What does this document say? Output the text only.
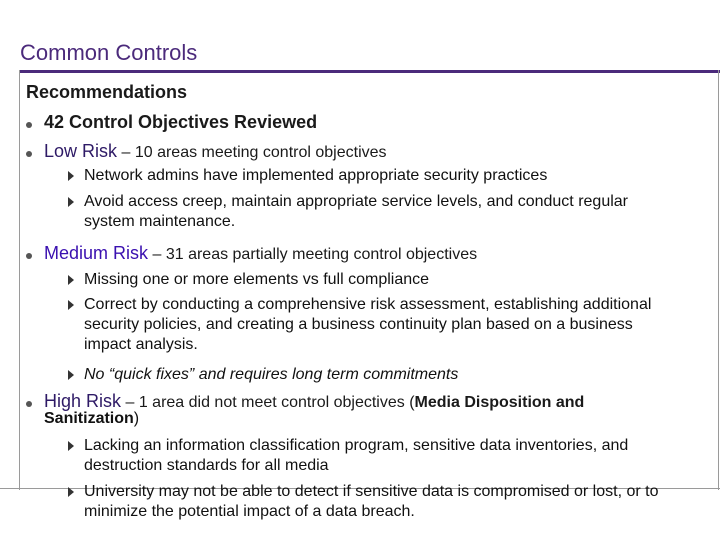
Common Controls
Recommendations
42 Control Objectives Reviewed
Low Risk – 10 areas meeting control objectives
Network admins have implemented appropriate security practices
Avoid access creep, maintain appropriate service levels, and conduct regular system maintenance.
Medium Risk – 31 areas partially meeting control objectives
Missing one or more elements vs full compliance
Correct by conducting a comprehensive risk assessment, establishing additional security policies, and creating a business continuity plan based on a business impact analysis.
No “quick fixes” and requires long term commitments
High Risk – 1 area did not meet control objectives (Media Disposition and
Sanitization)
Lacking an information classification program, sensitive data inventories, and destruction standards for all media
University may not be able to detect if sensitive data is compromised or lost, or to minimize the potential impact of a data breach.
